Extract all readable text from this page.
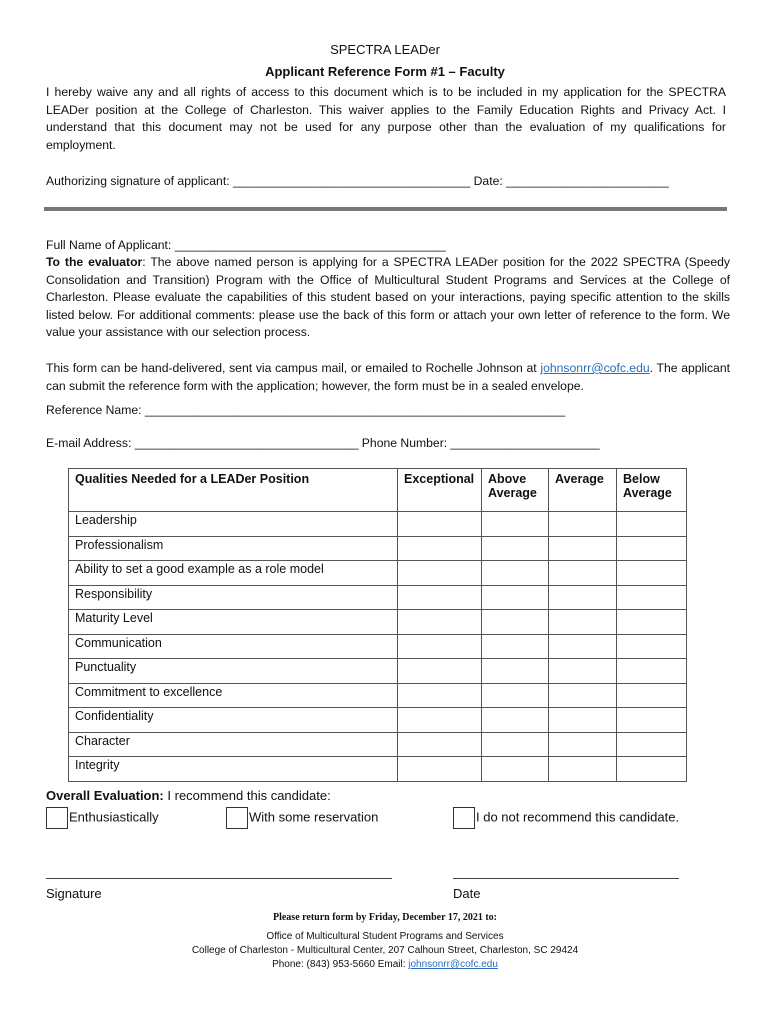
SPECTRA LEADer
Applicant Reference Form #1 – Faculty
I hereby waive any and all rights of access to this document which is to be included in my application for the SPECTRA LEADer position at the College of Charleston. This waiver applies to the Family Education Rights and Privacy Act. I understand that this document may not be used for any purpose other than the evaluation of my qualifications for employment.
Authorizing signature of applicant: ___________________________________ Date: ________________________
Full Name of Applicant: ________________________________________
To the evaluator: The above named person is applying for a SPECTRA LEADer position for the 2022 SPECTRA (Speedy Consolidation and Transition) Program with the Office of Multicultural Student Programs and Services at the College of Charleston. Please evaluate the capabilities of this student based on your interactions, paying specific attention to the skills listed below. For additional comments: please use the back of this form or attach your own letter of reference to the form. We value your assistance with our selection process.
This form can be hand-delivered, sent via campus mail, or emailed to Rochelle Johnson at johnsonrr@cofc.edu. The applicant can submit the reference form with the application; however, the form must be in a sealed envelope.
Reference Name: ______________________________________________________________
E-mail Address: _________________________________ Phone Number: ______________________
Qualities Needed for a LEADer Position	Exceptional	Above Average	Average	Below Average
Leadership				
Professionalism				
Ability to set a good example as a role model				
Responsibility				
Maturity Level				
Communication				
Punctuality				
Commitment to excellence				
Confidentiality				
Character				
Integrity				
Overall Evaluation: I recommend this candidate:
Enthusiastically	With some reservation	I do not recommend this candidate.
Signature	Date
Please return form by Friday, December 17, 2021 to:
Office of Multicultural Student Programs and Services
College of Charleston - Multicultural Center, 207 Calhoun Street, Charleston, SC 29424
Phone: (843) 953-5660 Email: johnsonrr@cofc.edu
